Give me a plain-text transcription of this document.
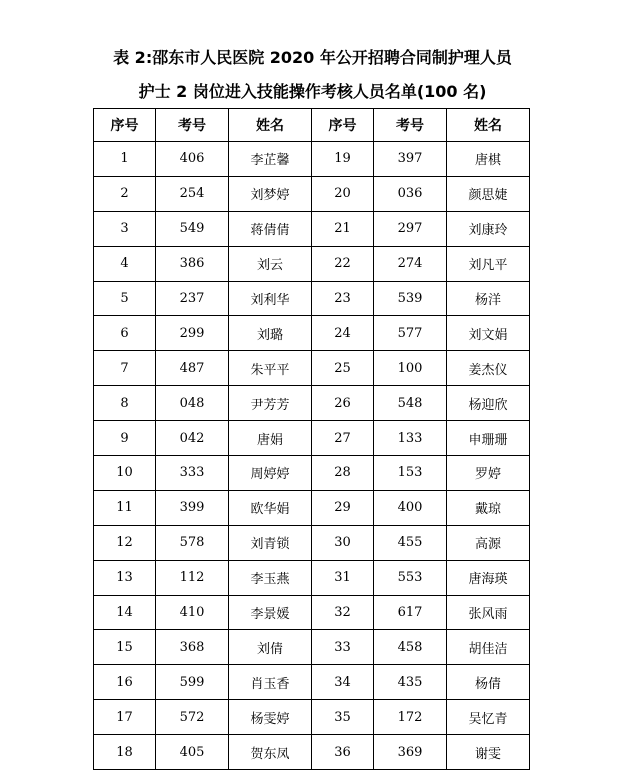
表 2:邵东市人民医院 2020 年公开招聘合同制护理人员
护士 2 岗位进入技能操作考核人员名单(100 名)
序号	考号	姓名	序号	考号	姓名
1	406	李芷馨	19	397	唐棋
2	254	刘梦婷	20	036	颜思婕
3	549	蒋倩倩	21	297	刘康玲
4	386	刘云	22	274	刘凡平
5	237	刘利华	23	539	杨洋
6	299	刘璐	24	577	刘文娟
7	487	朱平平	25	100	姜杰仪
8	048	尹芳芳	26	548	杨迎欣
9	042	唐娟	27	133	申珊珊
10	333	周婷婷	28	153	罗婷
11	399	欧华娟	29	400	戴琼
12	578	刘青锁	30	455	高源
13	112	李玉燕	31	553	唐海瑛
14	410	李景媛	32	617	张风雨
15	368	刘倩	33	458	胡佳洁
16	599	肖玉香	34	435	杨倩
17	572	杨雯婷	35	172	吴忆青
18	405	贺东凤	36	369	谢雯
